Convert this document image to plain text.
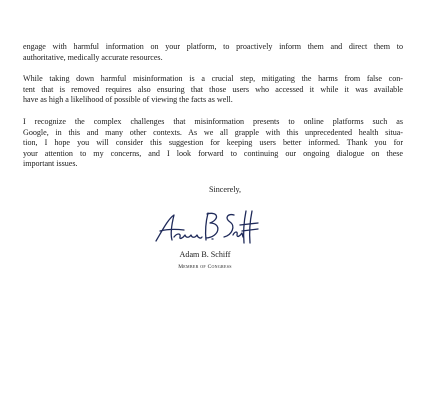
engage with harmful information on your platform, to proactively inform them and direct them to
authoritative, medically accurate resources.

While taking down harmful misinformation is a crucial step, mitigating the harms from false con-
tent that is removed requires also ensuring that those users who accessed it while it was available
have as high a likelihood of possible of viewing the facts as well.

I recognize the complex challenges that misinformation presents to online platforms such as
Google, in this and many other contexts. As we all grapple with this unprecedented health situa-
tion, I hope you will consider this suggestion for keeping users better informed. Thank you for
your attention to my concerns, and I look forward to continuing our ongoing dialogue on these
important issues.

Sincerely,
Adam B. Schiff
Member of Congress
